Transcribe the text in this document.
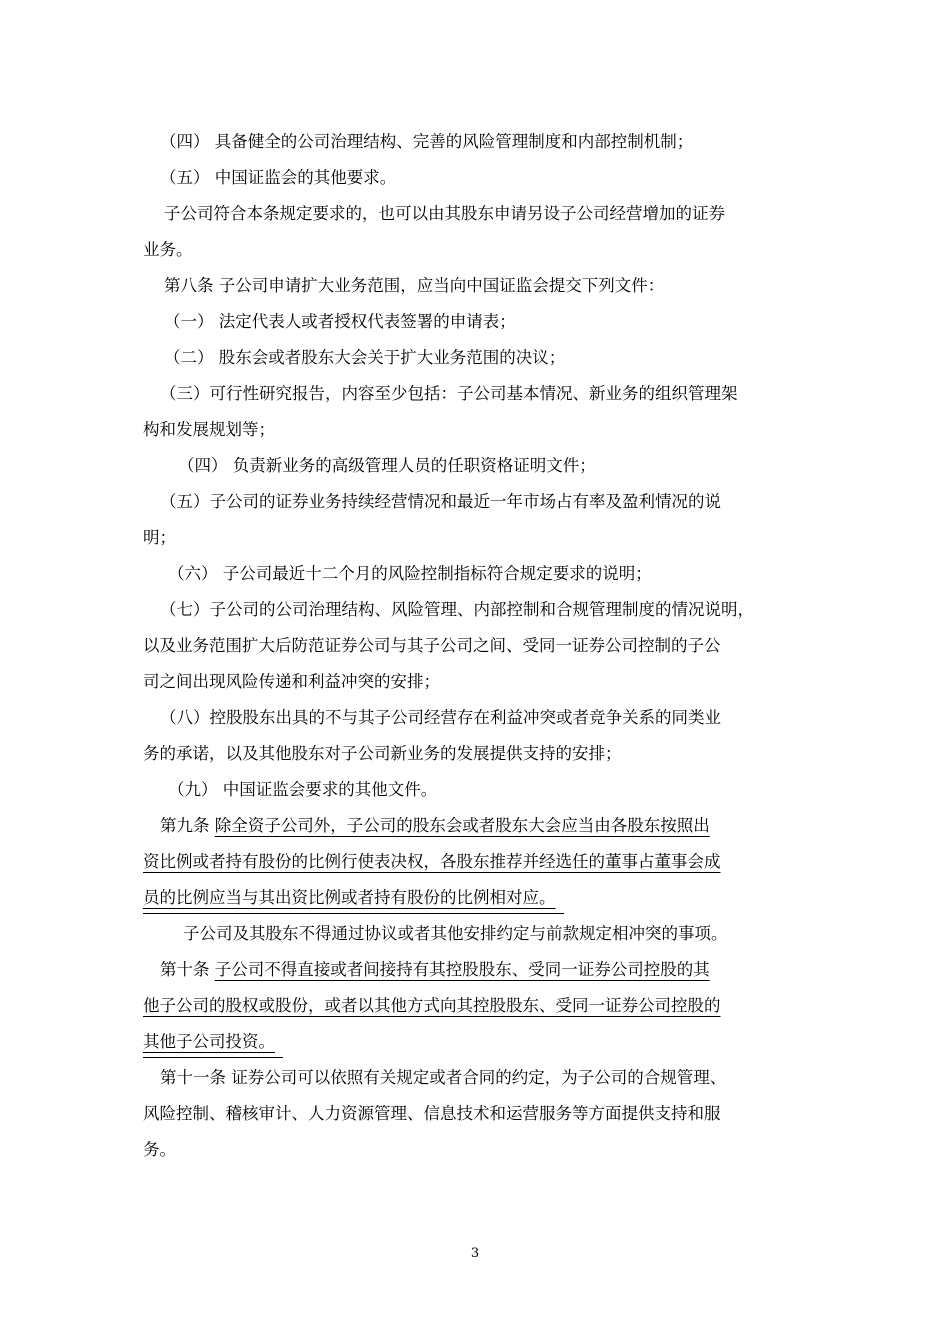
（四） 具备健全的公司治理结构、完善的风险管理制度和内部控制机制；

（五） 中国证监会的其他要求。

子公司符合本条规定要求的，也可以由其股东申请另设子公司经营增加的证券

业务。

第八条 子公司申请扩大业务范围，应当向中国证监会提交下列文件：

（一） 法定代表人或者授权代表签署的申请表；

（二） 股东会或者股东大会关于扩大业务范围的决议；

（三）可行性研究报告，内容至少包括：子公司基本情况、新业务的组织管理架

构和发展规划等；

（四） 负责新业务的高级管理人员的任职资格证明文件；

（五）子公司的证券业务持续经营情况和最近一年市场占有率及盈利情况的说

明；

（六） 子公司最近十二个月的风险控制指标符合规定要求的说明；

（七）子公司的公司治理结构、风险管理、内部控制和合规管理制度的情况说明，

以及业务范围扩大后防范证券公司与其子公司之间、受同一证券公司控制的子公

司之间出现风险传递和利益冲突的安排；

（八）控股股东出具的不与其子公司经营存在利益冲突或者竞争关系的同类业

务的承诺，以及其他股东对子公司新业务的发展提供支持的安排；

（九） 中国证监会要求的其他文件。

第九条 除全资子公司外，子公司的股东会或者股东大会应当由各股东按照出

资比例或者持有股份的比例行使表决权，各股东推荐并经选任的董事占董事会成

员的比例应当与其出资比例或者持有股份的比例相对应。

子公司及其股东不得通过协议或者其他安排约定与前款规定相冲突的事项。

第十条 子公司不得直接或者间接持有其控股股东、受同一证券公司控股的其

他子公司的股权或股份，或者以其他方式向其控股股东、受同一证券公司控股的

其他子公司投资。

第十一条 证券公司可以依照有关规定或者合同的约定，为子公司的合规管理、

风险控制、稽核审计、人力资源管理、信息技术和运营服务等方面提供支持和服

务。

3
